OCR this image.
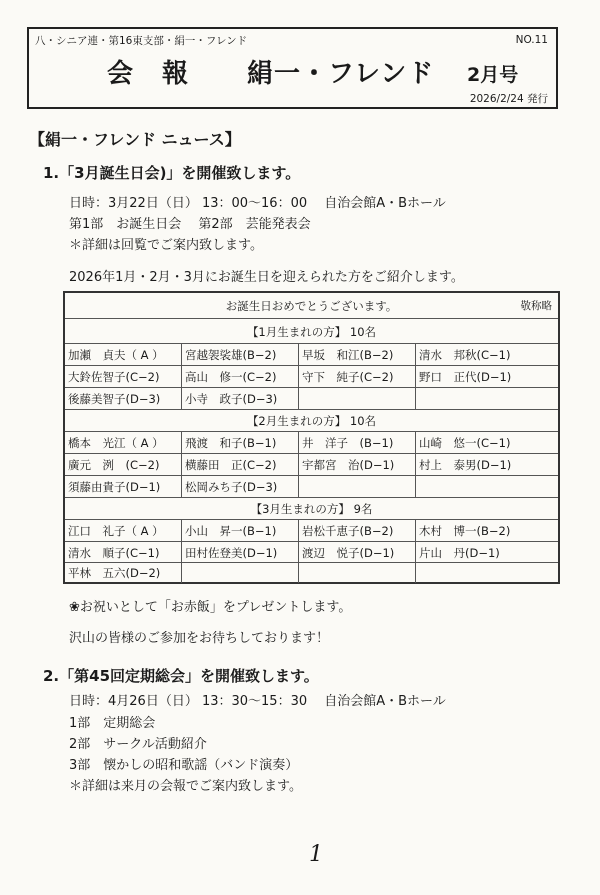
八・シニア連・第16東支部・絹一・フレンド	NO.11
会 報 絹一・フレンド 2月号
2026/2/24 発行
【絹一・フレンド ニュース】
1.「3月誕生日会)」を開催致します。
日時：3月22日（日） 13：00～16：00　 自治会館A・Bホール
第1部　お誕生日会　 第2部　芸能発表会
＊詳細は回覧でご案内致します。
2026年1月・2月・3月にお誕生日を迎えられた方をご紹介します。
お誕生日おめでとうございます。	敬称略
【1月生まれの方】 10名
加瀬　貞夫（ A ）	宮越袈裟雄(B−2)	早坂　和江(B−2)	清水　邦秋(C−1)
大鈴佐智子(C−2)	高山　修一(C−2)	守下　純子(C−2)	野口　正代(D−1)
後藤美智子(D−3)	小寺　政子(D−3)
【2月生まれの方】 10名
橋本　光江（ A ）	飛渡　和子(B−1)	井　洋子　(B−1)	山崎　悠一(C−1)
廣元　洌　(C−2)	横藤田　正(C−2)	宇都宮　治(D−1)	村上　泰男(D−1)
須藤由貴子(D−1)	松岡みち子(D−3)
【3月生まれの方】 9名
江口　礼子（ A ）	小山　昇一(B−1)	岩松千恵子(B−2)	木村　博一(B−2)
清水　順子(C−1)	田村佐登美(D−1)	渡辺　悦子(D−1)	片山　丹(D−1)
平林　五六(D−2)
❀お祝いとして「お赤飯」をプレゼントします。
沢山の皆様のご参加をお待ちしております！
2.「第45回定期総会」を開催致します。
日時：4月26日（日） 13：30～15：30　 自治会館A・Bホール
1部　定期総会
2部　サークル活動紹介
3部　懐かしの昭和歌謡（バンド演奏）
＊詳細は来月の会報でご案内致します。
1
